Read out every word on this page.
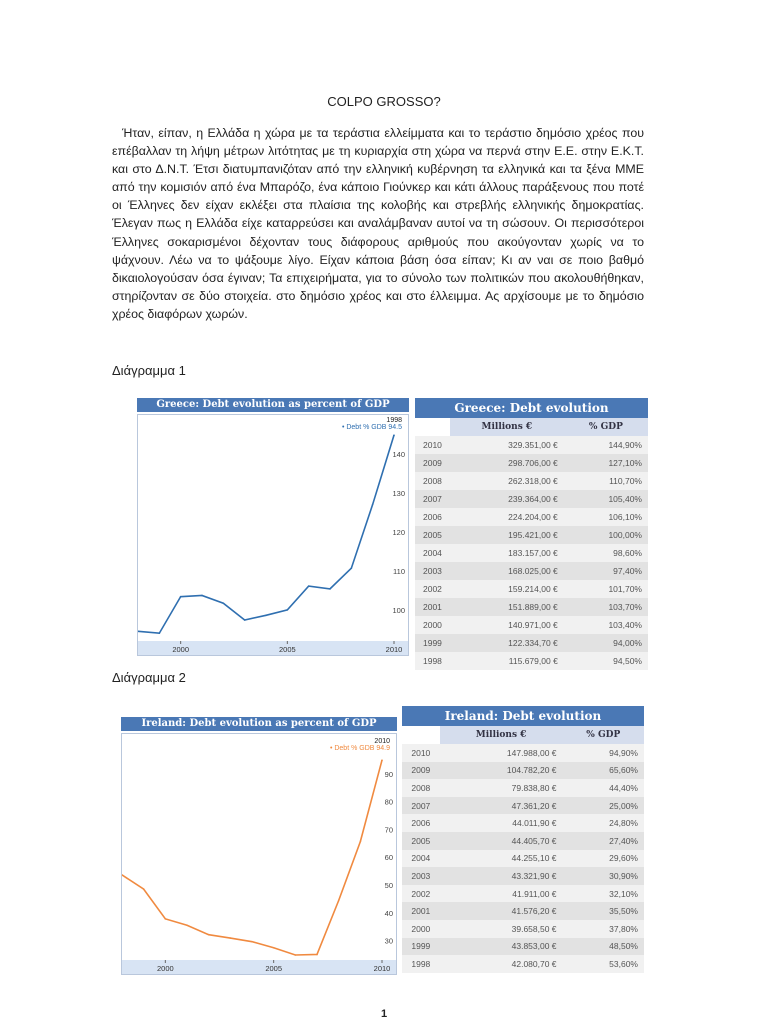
COLPO GROSSO?

Ήταν, είπαν, η Ελλάδα η χώρα με τα τεράστια ελλείμματα και το τεράστιο δημόσιο χρέος που επέβαλλαν τη λήψη μέτρων λιτότητας με τη κυριαρχία στη χώρα να περνά στην Ε.Ε. στην Ε.Κ.Τ. και στο Δ.Ν.Τ. Έτσι διατυμπανιζόταν από την ελληνική κυβέρνηση τα ελληνικά και τα ξένα ΜΜΕ από την κομισιόν από ένα Μπαρόζο, ένα κάποιο Γιούνκερ και κάτι άλλους παράξενους που ποτέ οι Έλληνες δεν είχαν εκλέξει στα πλαίσια της κολοβής και στρεβλής ελληνικής δημοκρατίας. Έλεγαν πως η Ελλάδα είχε καταρρεύσει και αναλάμβαναν αυτοί να τη σώσουν. Οι περισσότεροι Έλληνες σοκαρισμένοι δέχονταν τους διάφορους αριθμούς που ακούγονταν χωρίς να το ψάχνουν. Λέω να το ψάξουμε λίγο. Είχαν κάποια βάση όσα είπαν; Κι αν ναι σε ποιο βαθμό δικαιολογούσαν όσα έγιναν; Τα επιχειρήματα, για το σύνολο των πολιτικών που ακολουθήθηκαν, στηρίζονταν σε δύο στοιχεία. στο δημόσιο χρέος και στο έλλειμμα. Ας αρχίσουμε με το δημόσιο χρέος διαφόρων χωρών.

Διάγραμμα 1
Greece: Debt evolution as percent of GDP
1998
• Debt % GDB 94.5
100
110
120
130
140
2000	2005	2010
Greece: Debt evolution		
	Millions €	% GDP
2010	329.351,00 €	144,90%
2009	298.706,00 €	127,10%
2008	262.318,00 €	110,70%
2007	239.364,00 €	105,40%
2006	224.204,00 €	106,10%
2005	195.421,00 €	100,00%
2004	183.157,00 €	98,60%
2003	168.025,00 €	97,40%
2002	159.214,00 €	101,70%
2001	151.889,00 €	103,70%
2000	140.971,00 €	103,40%
1999	122.334,70 €	94,00%
1998	115.679,00 €	94,50%
Διάγραμμα 2
Ireland: Debt evolution as percent of GDP
2010
• Debt % GDB 94.9
30
40
50
60
70
80
90
2000	2005	2010
Ireland: Debt evolution		
	Millions €	% GDP
2010	147.988,00 €	94,90%
2009	104.782,20 €	65,60%
2008	79.838,80 €	44,40%
2007	47.361,20 €	25,00%
2006	44.011,90 €	24,80%
2005	44.405,70 €	27,40%
2004	44.255,10 €	29,60%
2003	43.321,90 €	30,90%
2002	41.911,00 €	32,10%
2001	41.576,20 €	35,50%
2000	39.658,50 €	37,80%
1999	43.853,00 €	48,50%
1998	42.080,70 €	53,60%
1
